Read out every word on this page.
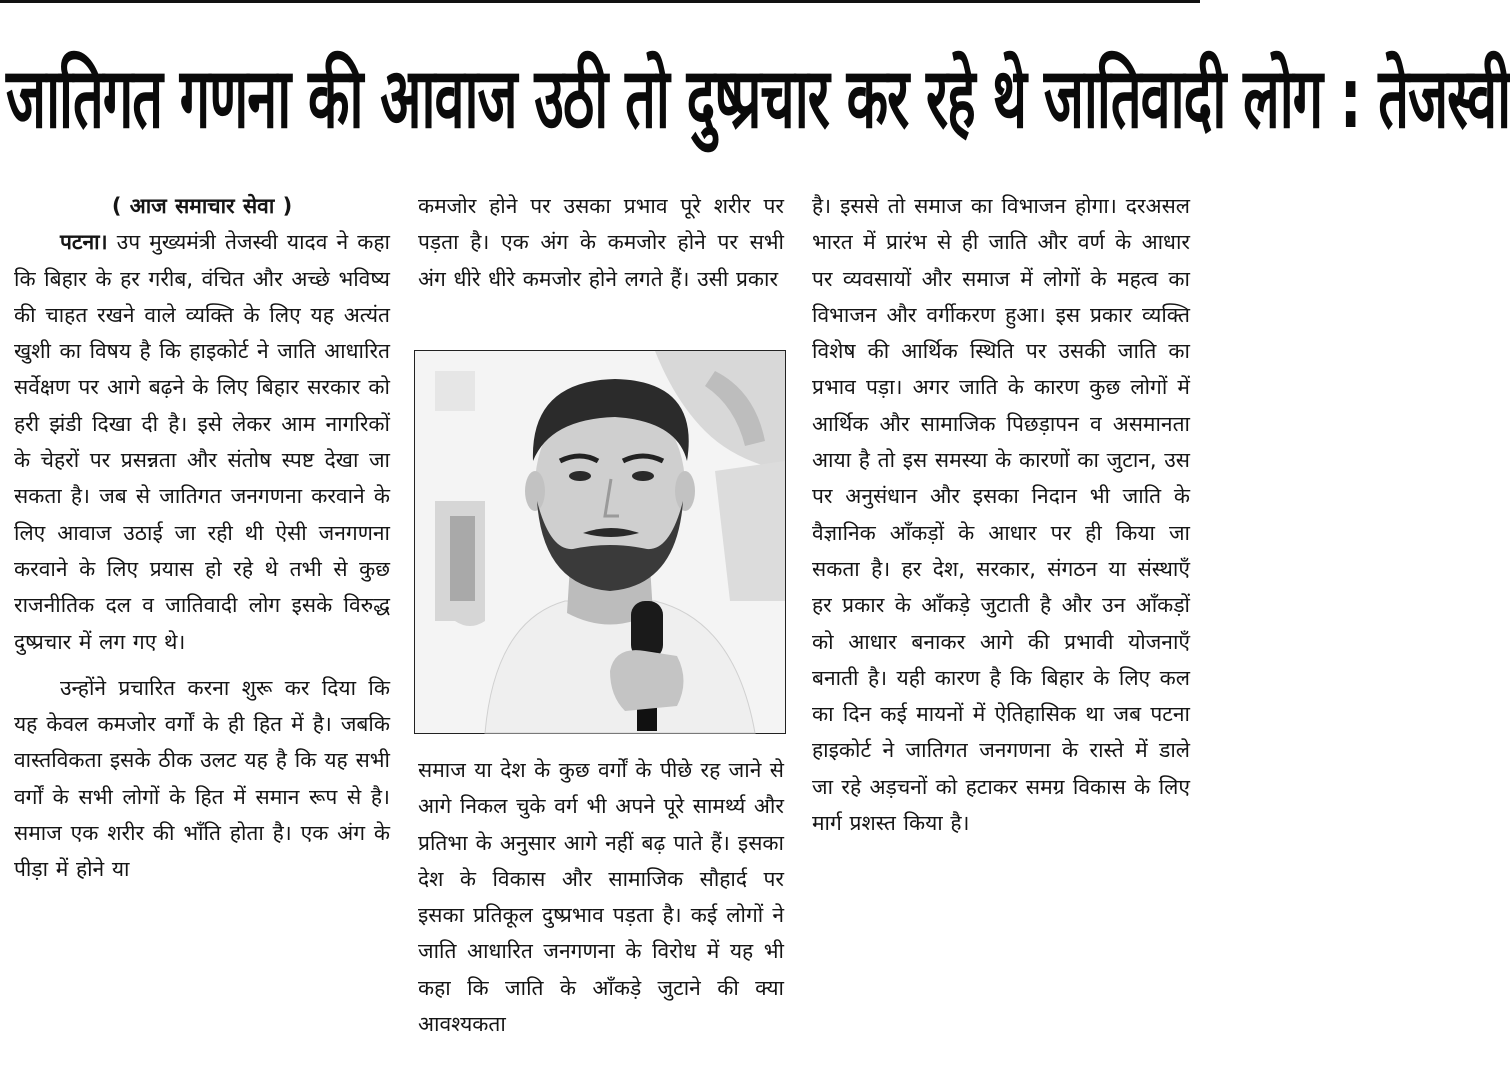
जातिगत गणना की आवाज उठी तो दुष्प्रचार कर रहे थे जातिवादी लोग : तेजस्वी
( आज समाचार सेवा )

पटना। उप मुख्यमंत्री तेजस्वी यादव ने कहा कि बिहार के हर गरीब, वंचित और अच्छे भविष्य की चाहत रखने वाले व्यक्ति के लिए यह अत्यंत खुशी का विषय है कि हाइकोर्ट ने जाति आधारित सर्वेक्षण पर आगे बढ़ने के लिए बिहार सरकार को हरी झंडी दिखा दी है। इसे लेकर आम नागरिकों के चेहरों पर प्रसन्नता और संतोष स्पष्ट देखा जा सकता है। जब से जातिगत जनगणना करवाने के लिए आवाज उठाई जा रही थी ऐसी जनगणना करवाने के लिए प्रयास हो रहे थे तभी से कुछ राजनीतिक दल व जातिवादी लोग इसके विरुद्ध दुष्प्रचार में लग गए थे।

उन्होंने प्रचारित करना शुरू कर दिया कि यह केवल कमजोर वर्गों के ही हित में है। जबकि वास्तविकता इसके ठीक उलट यह है कि यह सभी वर्गों के सभी लोगों के हित में समान रूप से है। समाज एक शरीर की भाँति होता है। एक अंग के पीड़ा में होने या

कमजोर होने पर उसका प्रभाव पूरे शरीर पर पड़ता है। एक अंग के कमजोर होने पर सभी अंग धीरे धीरे कमजोर होने लगते हैं। उसी प्रकार

समाज या देश के कुछ वर्गों के पीछे रह जाने से आगे निकल चुके वर्ग भी अपने पूरे सामर्थ्य और प्रतिभा के अनुसार आगे नहीं बढ़ पाते हैं। इसका देश के विकास और सामाजिक सौहार्द पर इसका प्रतिकूल दुष्प्रभाव पड़ता है। कई लोगों ने जाति आधारित जनगणना के विरोध में यह भी कहा कि जाति के आँकड़े जुटाने की क्या आवश्यकता

है। इससे तो समाज का विभाजन होगा। दरअसल भारत में प्रारंभ से ही जाति और वर्ण के आधार पर व्यवसायों और समाज में लोगों के महत्व का विभाजन और वर्गीकरण हुआ। इस प्रकार व्यक्ति विशेष की आर्थिक स्थिति पर उसकी जाति का प्रभाव पड़ा। अगर जाति के कारण कुछ लोगों में आर्थिक और सामाजिक पिछड़ापन व असमानता आया है तो इस समस्या के कारणों का जुटान, उस पर अनुसंधान और इसका निदान भी जाति के वैज्ञानिक आँकड़ों के आधार पर ही किया जा सकता है। हर देश, सरकार, संगठन या संस्थाएँ हर प्रकार के आँकड़े जुटाती है और उन आँकड़ों को आधार बनाकर आगे की प्रभावी योजनाएँ बनाती है। यही कारण है कि बिहार के लिए कल का दिन कई मायनों में ऐतिहासिक था जब पटना हाइकोर्ट ने जातिगत जनगणना के रास्ते में डाले जा रहे अड़चनों को हटाकर समग्र विकास के लिए मार्ग प्रशस्त किया है।
